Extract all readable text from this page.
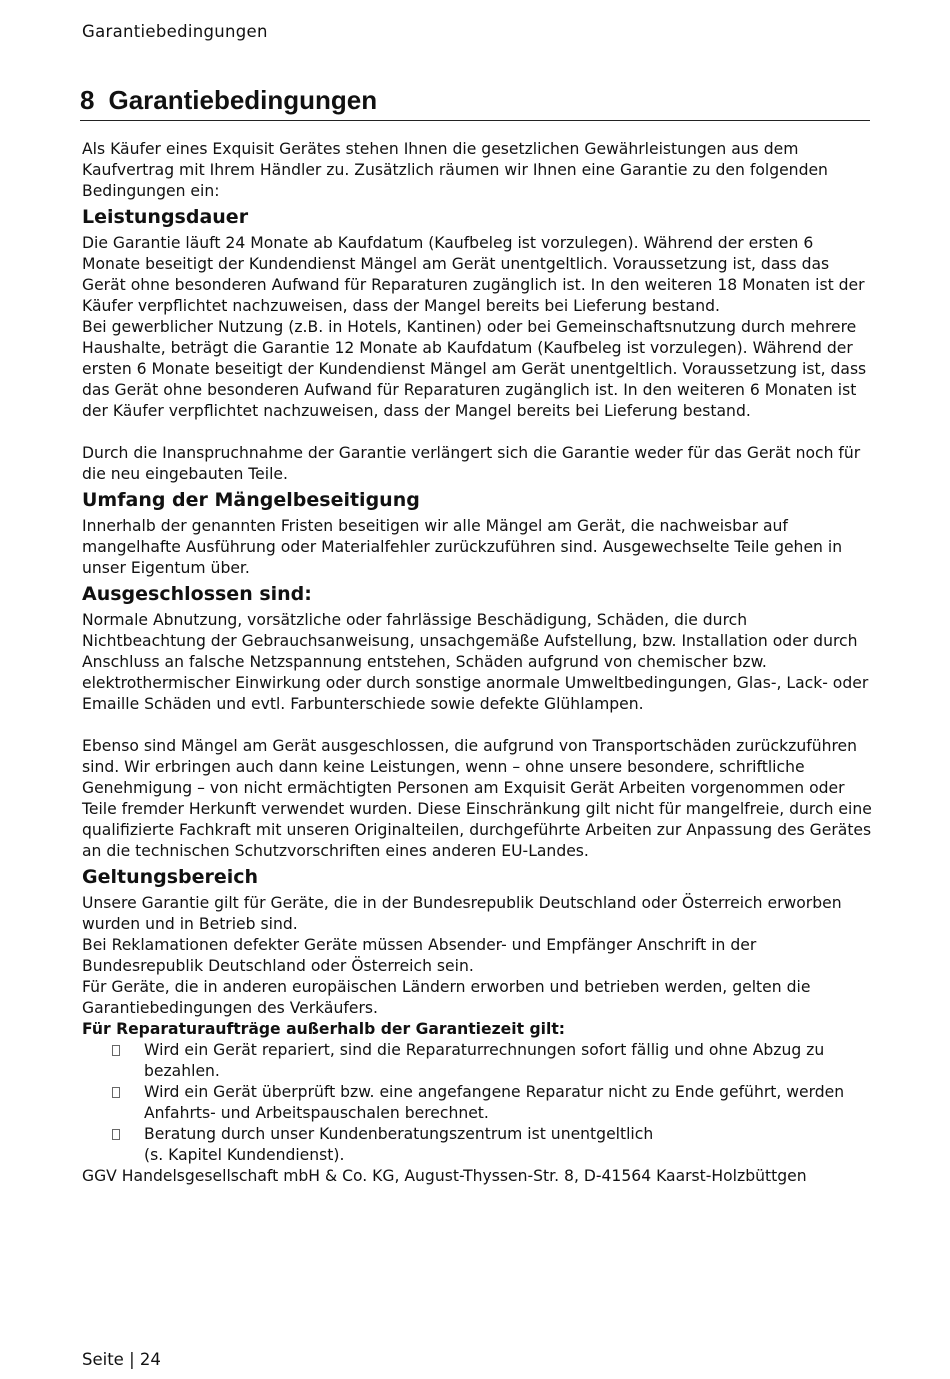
Garantiebedingungen
8 Garantiebedingungen

Als Käufer eines Exquisit Gerätes stehen Ihnen die gesetzlichen Gewährleistungen aus dem Kaufvertrag mit Ihrem Händler zu. Zusätzlich räumen wir Ihnen eine Garantie zu den folgenden Bedingungen ein:

Leistungsdauer

Die Garantie läuft 24 Monate ab Kaufdatum (Kaufbeleg ist vorzulegen). Während der ersten 6 Monate beseitigt der Kundendienst Mängel am Gerät unentgeltlich. Voraussetzung ist, dass das Gerät ohne besonderen Aufwand für Reparaturen zugänglich ist. In den weiteren 18 Monaten ist der Käufer verpflichtet nachzuweisen, dass der Mangel bereits bei Lieferung bestand.

Bei gewerblicher Nutzung (z.B. in Hotels, Kantinen) oder bei Gemeinschaftsnutzung durch mehrere Haushalte, beträgt die Garantie 12 Monate ab Kaufdatum (Kaufbeleg ist vorzulegen). Während der ersten 6 Monate beseitigt der Kundendienst Mängel am Gerät unentgeltlich. Voraussetzung ist, dass das Gerät ohne besonderen Aufwand für Reparaturen zugänglich ist. In den weiteren 6 Monaten ist der Käufer verpflichtet nachzuweisen, dass der Mangel bereits bei Lieferung bestand.

Durch die Inanspruchnahme der Garantie verlängert sich die Garantie weder für das Gerät noch für die neu eingebauten Teile.

Umfang der Mängelbeseitigung

Innerhalb der genannten Fristen beseitigen wir alle Mängel am Gerät, die nachweisbar auf mangelhafte Ausführung oder Materialfehler zurückzuführen sind. Ausgewechselte Teile gehen in unser Eigentum über.

Ausgeschlossen sind:

Normale Abnutzung, vorsätzliche oder fahrlässige Beschädigung, Schäden, die durch Nichtbeachtung der Gebrauchsanweisung, unsachgemäße Aufstellung, bzw. Installation oder durch Anschluss an falsche Netzspannung entstehen, Schäden aufgrund von chemischer bzw. elektrothermischer Einwirkung oder durch sonstige anormale Umweltbedingungen, Glas-, Lack- oder Emaille Schäden und evtl. Farbunterschiede sowie defekte Glühlampen.

Ebenso sind Mängel am Gerät ausgeschlossen, die aufgrund von Transportschäden zurückzuführen sind. Wir erbringen auch dann keine Leistungen, wenn – ohne unsere besondere, schriftliche Genehmigung – von nicht ermächtigten Personen am Exquisit Gerät Arbeiten vorgenommen oder Teile fremder Herkunft verwendet wurden. Diese Einschränkung gilt nicht für mangelfreie, durch eine qualifizierte Fachkraft mit unseren Originalteilen, durchgeführte Arbeiten zur Anpassung des Gerätes an die technischen Schutzvorschriften eines anderen EU-Landes.

Geltungsbereich

Unsere Garantie gilt für Geräte, die in der Bundesrepublik Deutschland oder Österreich erworben wurden und in Betrieb sind.

Bei Reklamationen defekter Geräte müssen Absender- und Empfänger Anschrift in der Bundesrepublik Deutschland oder Österreich sein.

Für Geräte, die in anderen europäischen Ländern erworben und betrieben werden, gelten die Garantiebedingungen des Verkäufers.

Für Reparaturaufträge außerhalb der Garantiezeit gilt:

Wird ein Gerät repariert, sind die Reparaturrechnungen sofort fällig und ohne Abzug zu bezahlen.
Wird ein Gerät überprüft bzw. eine angefangene Reparatur nicht zu Ende geführt, werden Anfahrts- und Arbeitspauschalen berechnet.
Beratung durch unser Kundenberatungszentrum ist unentgeltlich
(s. Kapitel Kundendienst).

GGV Handelsgesellschaft mbH & Co. KG, August-Thyssen-Str. 8, D-41564 Kaarst-Holzbüttgen

Seite | 24
